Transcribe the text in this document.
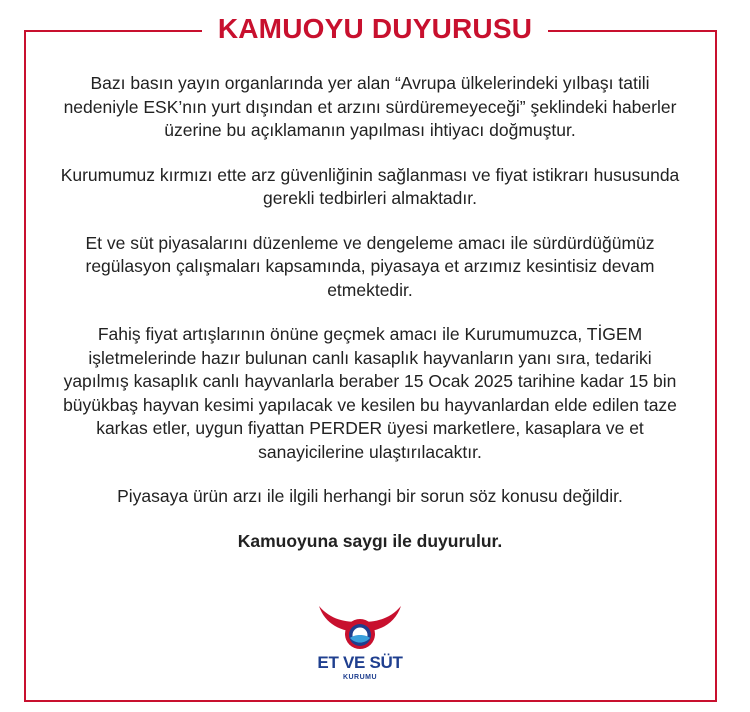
KAMUOYU DUYURUSU

Bazı basın yayın organlarında yer alan “Avrupa ülkelerindeki yılbaşı tatili nedeniyle ESK’nın yurt dışından et arzını sürdüremeyeceği” şeklindeki haberler üzerine bu açıklamanın yapılması ihtiyacı doğmuştur.

Kurumumuz kırmızı ette arz güvenliğinin sağlanması ve fiyat istikrarı hususunda gerekli tedbirleri almaktadır.

Et ve süt piyasalarını düzenleme ve dengeleme amacı ile sürdürdüğümüz regülasyon çalışmaları kapsamında, piyasaya et arzımız kesintisiz devam etmektedir.

Fahiş fiyat artışlarının önüne geçmek amacı ile Kurumumuzca, TİGEM işletmelerinde hazır bulunan canlı kasaplık hayvanların yanı sıra, tedariki yapılmış kasaplık canlı hayvanlarla beraber 15 Ocak 2025 tarihine kadar 15 bin büyükbaş hayvan kesimi yapılacak ve kesilen bu hayvanlardan elde edilen taze karkas etler, uygun fiyattan PERDER üyesi marketlere, kasaplara ve et sanayicilerine ulaştırılacaktır.

Piyasaya ürün arzı ile ilgili herhangi bir sorun söz konusu değildir.

Kamuoyuna saygı ile duyurulur.

ET VE SÜT
KURUMU
